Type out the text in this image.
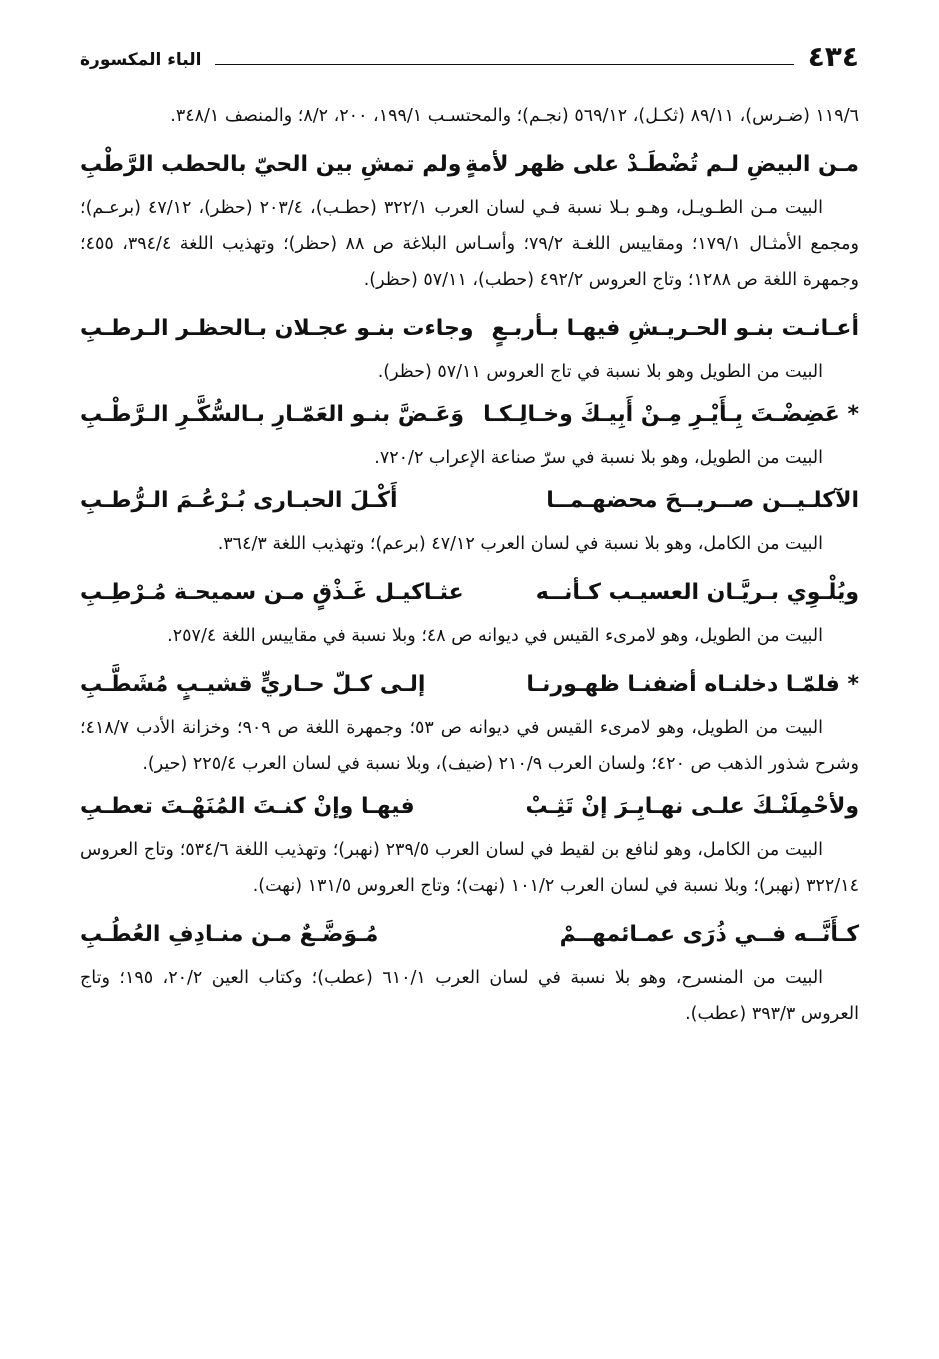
٤٣٤
الباء المكسورة

١١٩/٦ (ضـرس)، ٨٩/١١ (ثكـل)، ٥٦٩/١٢ (نجـم)؛ والمحتسـب ١٩٩/١، ٢٠٠، ٨/٢؛ والمنصف ٣٤٨/١.

مـن البيضِ لـم تُضْطَـدْ على ظهر لأمةٍ
ولم تمشِ بين الحيّ بالحطب الرَّطْبِ

البيت مـن الطـويـل، وهـو بـلا نسبة فـي لسان العرب ٣٢٢/١ (حطـب)، ٢٠٣/٤ (حظر)، ٤٧/١٢ (برعـم)؛ ومجمع الأمثـال ١٧٩/١؛ ومقاييس اللغـة ٧٩/٢؛ وأسـاس البلاغة ص ٨٨ (حظر)؛ وتهذيب اللغة ٣٩٤/٤، ٤٥٥؛ وجمهرة اللغة ص ١٢٨٨؛ وتاج العروس ٤٩٢/٢ (حطب)، ٥٧/١١ (حظر).

أعـانـت بنـو الحـريـشِ فيهـا بـأربـعٍ
وجاءت بنـو عجـلان بـالحظـر الـرطـبِ

البيت من الطويل وهو بلا نسبة في تاج العروس ٥٧/١١ (حظر).

* عَضِضْـتَ بِـأَيْـرِ مِـنْ أَبِيـكَ وخـالِـكـا
وَعَـضَّ بنـو العَمّـارِ بـالسُّكَّـرِ الـرَّطْـبِ

البيت من الطويل، وهو بلا نسبة في سرّ صناعة الإعراب ٧٢٠/٢.

الآكلـيــن صــريــحَ محضهـمــا
أَكْـلَ الحبـارى بُـرْعُـمَ الـرُّطـبِ

البيت من الكامل، وهو بلا نسبة في لسان العرب ٤٧/١٢ (برعم)؛ وتهذيب اللغة ٣٦٤/٣.

ويُلْـوِي بـريَّـان العسيـب كـأنــه
عثـاكيـل غَـذْقٍ مـن سميحـة مُـرْطِـبِ

البيت من الطويل، وهو لامرىء القيس في ديوانه ص ٤٨؛ وبلا نسبة في مقاييس اللغة ٢٥٧/٤.

* فلمّـا دخلنـاه أضفنـا ظهـورنـا
إلـى كـلّ حـاريٍّ قشيـبٍ مُشَطَّـبِ

البيت من الطويل، وهو لامرىء القيس في ديوانه ص ٥٣؛ وجمهرة اللغة ص ٩٠٩؛ وخزانة الأدب ٤١٨/٧؛ وشرح شذور الذهب ص ٤٢٠؛ ولسان العرب ٢١٠/٩ (ضيف)، وبلا نسبة في لسان العرب ٢٢٥/٤ (حير).

ولأحْمِلَنْـكَ علـى نهـابِـرَ إنْ تَثِـبْ
فيهـا وإنْ كنـتَ المُنَهْـتَ تعطـبِ

البيت من الكامل، وهو لنافع بن لقيط في لسان العرب ٢٣٩/٥ (نهبر)؛ وتهذيب اللغة ٥٣٤/٦؛ وتاج العروس ٣٢٢/١٤ (نهبر)؛ وبلا نسبة في لسان العرب ١٠١/٢ (نهت)؛ وتاج العروس ١٣١/٥ (نهت).

كـأَنَّــه فــي ذُرَى عمـائمهــمْ
مُـوَضَّـعٌ مـن منـادِفِ العُطُـبِ

البيت من المنسرح، وهو بلا نسبة في لسان العرب ٦١٠/١ (عطب)؛ وكتاب العين ٢٠/٢، ١٩٥؛ وتاج العروس ٣٩٣/٣ (عطب).
